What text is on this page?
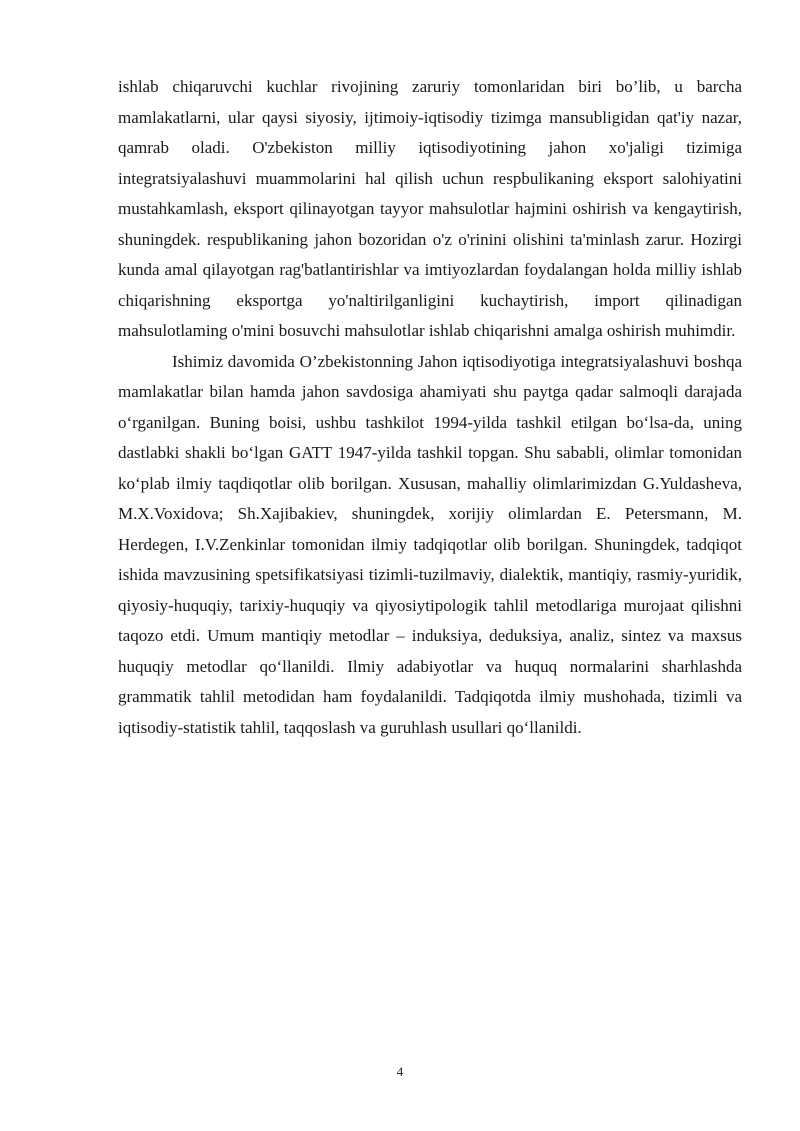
ishlab chiqaruvchi kuchlar rivojining zaruriy tomonlaridan biri bo’lib, u barcha mamlakatlarni, ular qaysi siyosiy, ijtimoiy-iqtisodiy tizimga mansubligidan qat'iy nazar, qamrab oladi. O'zbekiston milliy iqtisodiyotining jahon xo'jaligi tizimiga integratsiyalashuvi muammolarini hal qilish uchun respbulikaning eksport salohiyatini mustahkamlash, eksport qilinayotgan tayyor mahsulotlar hajmini oshirish va kengaytirish, shuningdek. respublikaning jahon bozoridan o'z o'rinini olishini ta'minlash zarur. Hozirgi kunda amal qilayotgan rag'batlantirishlar va imtiyozlardan foydalangan holda milliy ishlab chiqarishning eksportga yo'naltirilganligini kuchaytirish, import qilinadigan mahsulotlaming o'mini bosuvchi mahsulotlar ishlab chiqarishni amalga oshirish muhimdir.

Ishimiz davomida O’zbekistonning Jahon iqtisodiyotiga integratsiyalashuvi boshqa mamlakatlar bilan hamda jahon savdosiga ahamiyati shu paytga qadar salmoqli darajada o‘rganilgan. Buning boisi, ushbu tashkilot 1994-yilda tashkil etilgan bo‘lsa-da, uning dastlabki shakli bo‘lgan GATT 1947-yilda tashkil topgan. Shu sababli, olimlar tomonidan ko‘plab ilmiy taqdiqotlar olib borilgan. Xususan, mahalliy olimlarimizdan G.Yuldasheva, M.X.Voxidova; Sh.Xajibakiev, shuningdek, xorijiy olimlardan E. Petersmann, M. Herdegen, I.V.Zenkinlar tomonidan ilmiy tadqiqotlar olib borilgan. Shuningdek, tadqiqot ishida mavzusining spetsifikatsiyasi tizimli-tuzilmaviy, dialektik, mantiqiy, rasmiy-yuridik, qiyosiy-huquqiy, tarixiy-huquqiy va qiyosiytipologik tahlil metodlariga murojaat qilishni taqozo etdi. Umum mantiqiy metodlar – induksiya, deduksiya, analiz, sintez va maxsus huquqiy metodlar qo‘llanildi. Ilmiy adabiyotlar va huquq normalarini sharhlashda grammatik tahlil metodidan ham foydalanildi. Tadqiqotda ilmiy mushohada, tizimli va iqtisodiy-statistik tahlil, taqqoslash va guruhlash usullari qo‘llanildi.

4
